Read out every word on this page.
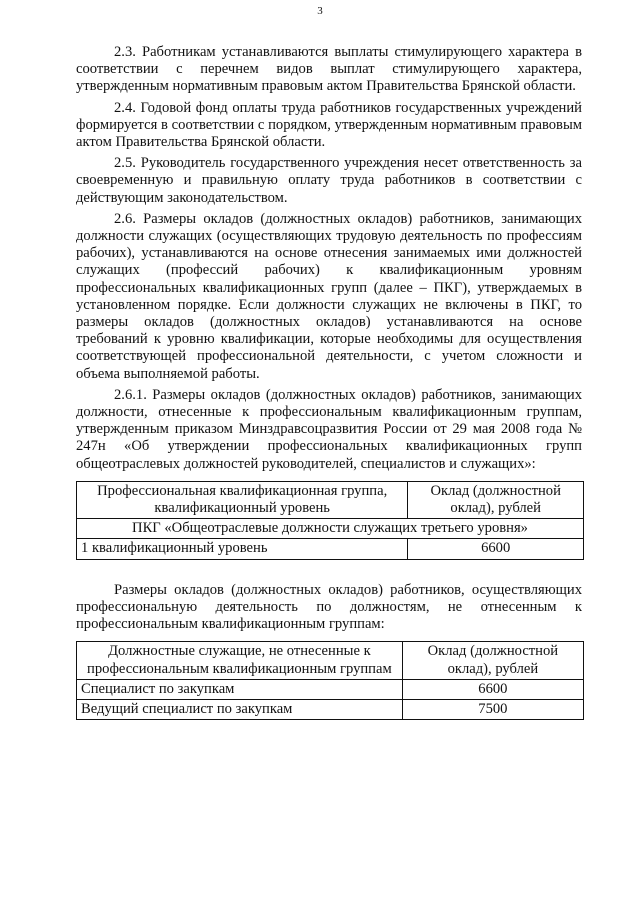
3

2.3. Работникам устанавливаются выплаты стимулирующего характера в соответствии с перечнем видов выплат стимулирующего характера, утвержденным нормативным правовым актом Правительства Брянской области.

2.4. Годовой фонд оплаты труда работников государственных учреждений формируется в соответствии с порядком, утвержденным нормативным правовым актом Правительства Брянской области.

2.5. Руководитель государственного учреждения несет ответственность за своевременную и правильную оплату труда работников в соответствии с действующим законодательством.

2.6. Размеры окладов (должностных окладов) работников, занимающих должности служащих (осуществляющих трудовую деятельность по профессиям рабочих), устанавливаются на основе отнесения занимаемых ими должностей служащих (профессий рабочих) к квалификационным уровням профессиональных квалификационных групп (далее – ПКГ), утверждаемых в установленном порядке. Если должности служащих не включены в ПКГ, то размеры окладов (должностных окладов) устанавливаются на основе требований к уровню квалификации, которые необходимы для осуществления соответствующей профессиональной деятельности, с учетом сложности и объема выполняемой работы.

2.6.1. Размеры окладов (должностных окладов) работников, занимающих должности, отнесенные к профессиональным квалификационным группам, утвержденным приказом Минздравсоцразвития России от 29 мая 2008 года № 247н «Об утверждении профессиональных квалификационных групп общеотраслевых должностей руководителей, специалистов и служащих»:

Профессиональная квалификационная группа, квалификационный уровень	Оклад (должностной оклад), рублей
ПКГ «Общеотраслевые должности служащих третьего уровня»	
1 квалификационный уровень	6600

Размеры окладов (должностных окладов) работников, осуществляющих профессиональную деятельность по должностям, не отнесенным к профессиональным квалификационным группам:

Должностные служащие, не отнесенные к профессиональным квалификационным группам	Оклад (должностной оклад), рублей
Специалист по закупкам	6600
Ведущий специалист по закупкам	7500
